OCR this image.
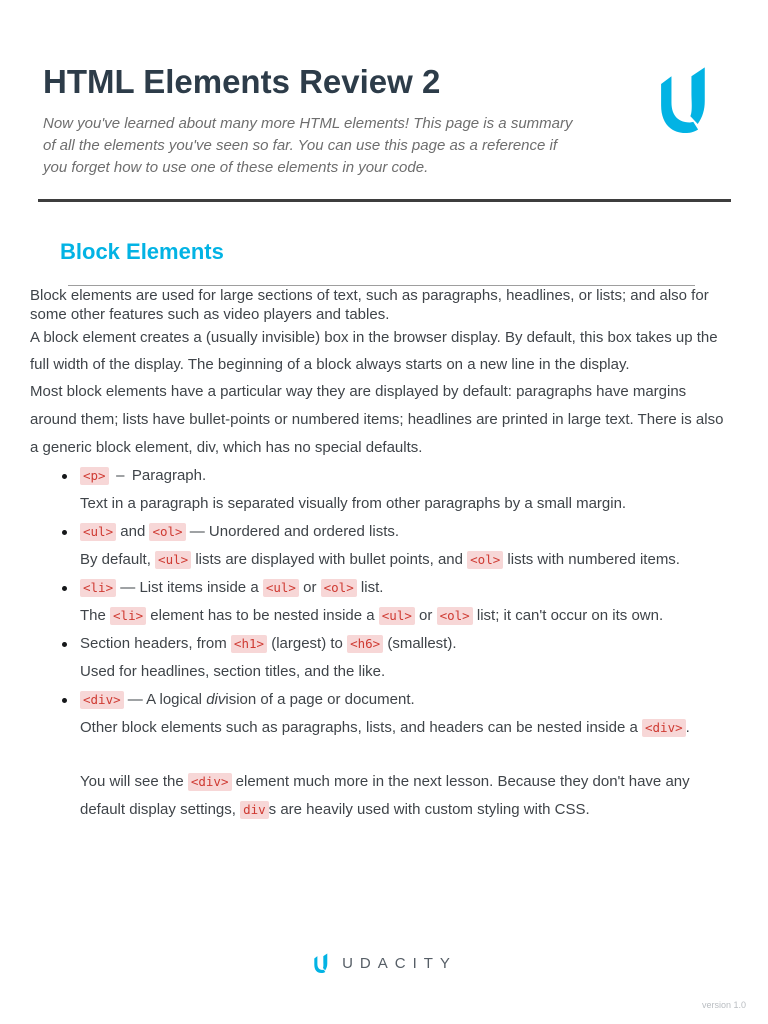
HTML Elements Review 2
Now you've learned about many more HTML elements! This page is a summary
of all the elements you've seen so far. You can use this page as a reference if
you forget how to use one of these elements in your code.
Block Elements

Block elements are used for large sections of text, such as paragraphs, headlines, or lists; and also for some other features such as video players and tables.

A block element creates a (usually invisible) box in the browser display. By default, this box takes up the full width of the display. The beginning of a block always starts on a new line in the display.

Most block elements have a particular way they are displayed by default: paragraphs have margins around them; lists have bullet-points or numbered items; headlines are printed in large text. There is also a generic block element, div, which has no special defaults.

<p> – Paragraph.
Text in a paragraph is separated visually from other paragraphs by a small margin.
<ul> and <ol> — Unordered and ordered lists.
By default, <ul> lists are displayed with bullet points, and <ol> lists with numbered items.
<li> — List items inside a <ul> or <ol> list.
The <li> element has to be nested inside a <ul> or <ol> list; it can't occur on its own.
Section headers, from <h1> (largest) to <h6> (smallest).
Used for headlines, section titles, and the like.
<div> — A logical division of a page or document.
Other block elements such as paragraphs, lists, and headers can be nested inside a <div> .
You will see the <div> element much more in the next lesson. Because they don't have any default display settings, div s are heavily used with custom styling with CSS.
UDACITY
version 1.0
